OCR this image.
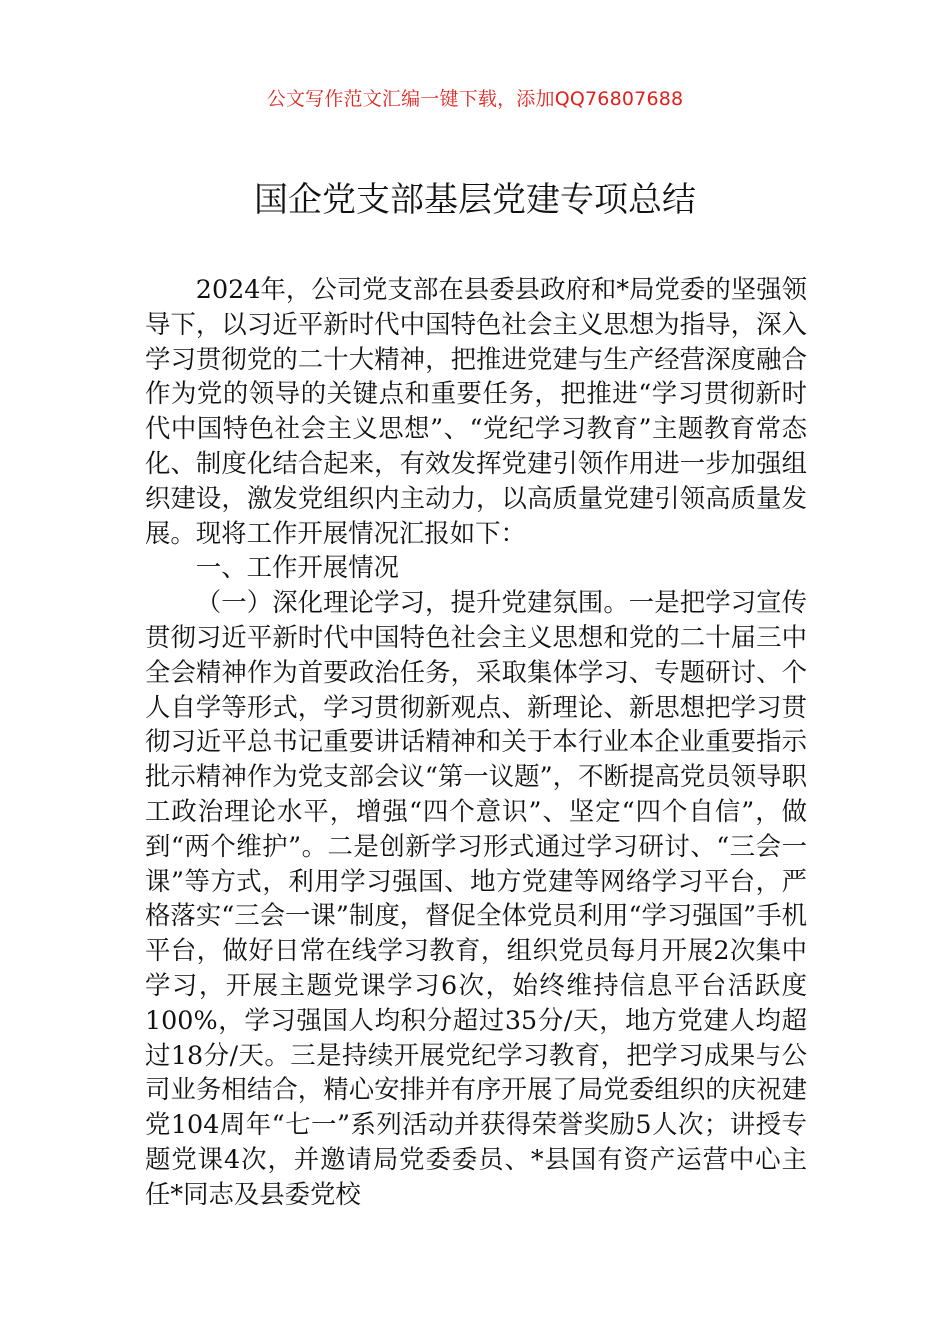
公文写作范文汇编一键下载，添加QQ76807688
国企党支部基层党建专项总结

2024年，公司党支部在县委县政府和*局党委的坚强领导下，以习近平新时代中国特色社会主义思想为指导，深入学习贯彻党的二十大精神，把推进党建与生产经营深度融合作为党的领导的关键点和重要任务，把推进“学习贯彻新时代中国特色社会主义思想”、“党纪学习教育”主题教育常态化、制度化结合起来，有效发挥党建引领作用进一步加强组织建设，激发党组织内主动力，以高质量党建引领高质量发展。现将工作开展情况汇报如下：

一、工作开展情况

（一）深化理论学习，提升党建氛围。一是把学习宣传贯彻习近平新时代中国特色社会主义思想和党的二十届三中全会精神作为首要政治任务，采取集体学习、专题研讨、个人自学等形式，学习贯彻新观点、新理论、新思想把学习贯彻习近平总书记重要讲话精神和关于本行业本企业重要指示批示精神作为党支部会议“第一议题”，不断提高党员领导职工政治理论水平，增强“四个意识”、坚定“四个自信”，做到“两个维护”。二是创新学习形式通过学习研讨、“三会一课”等方式，利用学习强国、地方党建等网络学习平台，严格落实“三会一课”制度，督促全体党员利用“学习强国”手机平台，做好日常在线学习教育，组织党员每月开展2次集中学习，开展主题党课学习6次，始终维持信息平台活跃度100%，学习强国人均积分超过35分/天，地方党建人均超过18分/天。三是持续开展党纪学习教育，把学习成果与公司业务相结合，精心安排并有序开展了局党委组织的庆祝建党104周年“七一”系列活动并获得荣誉奖励5人次；讲授专题党课4次，并邀请局党委委员、*县国有资产运营中心主任*同志及县委党校
